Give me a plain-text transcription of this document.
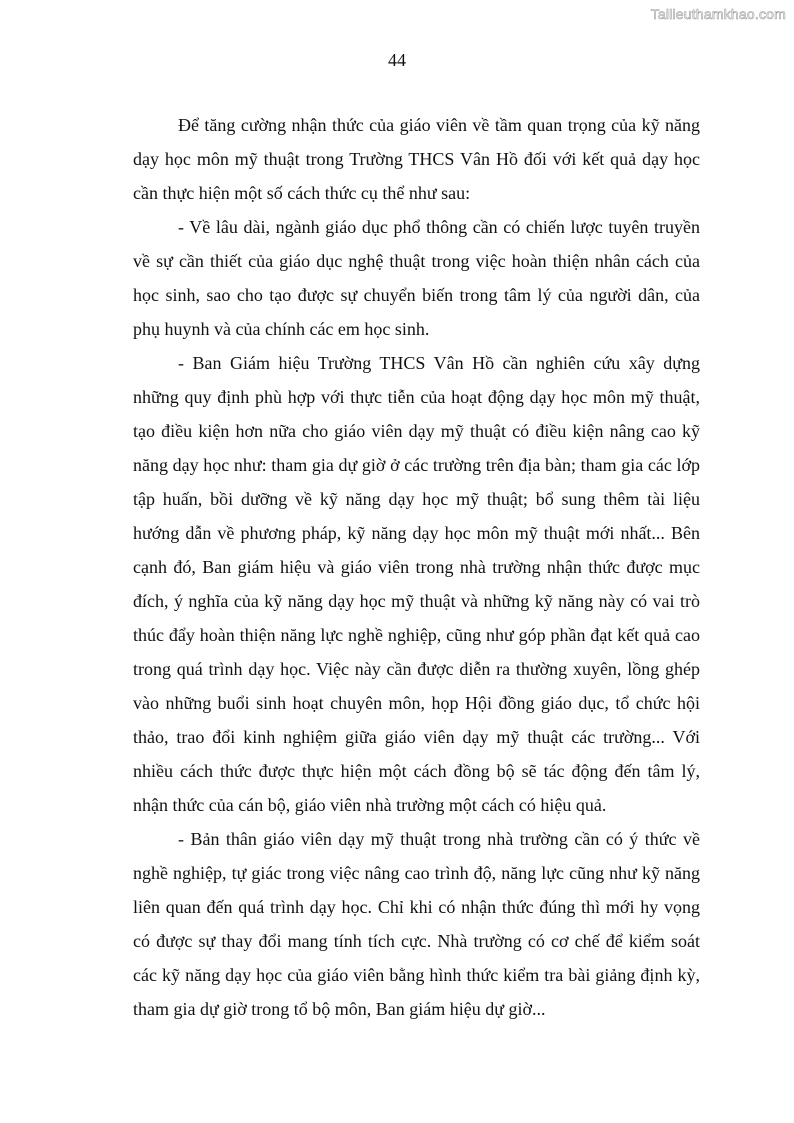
Tailieuthamkhao.com
44

Để tăng cường nhận thức của giáo viên về tầm quan trọng của kỹ năng dạy học môn mỹ thuật trong Trường THCS Vân Hồ đối với kết quả dạy học cần thực hiện một số cách thức cụ thể như sau:

- Về lâu dài, ngành giáo dục phổ thông cần có chiến lược tuyên truyền về sự cần thiết của giáo dục nghệ thuật trong việc hoàn thiện nhân cách của học sinh, sao cho tạo được sự chuyển biến trong tâm lý của người dân, của phụ huynh và của chính các em học sinh.

- Ban Giám hiệu Trường THCS Vân Hồ cần nghiên cứu xây dựng những quy định phù hợp với thực tiễn của hoạt động dạy học môn mỹ thuật, tạo điều kiện hơn nữa cho giáo viên dạy mỹ thuật có điều kiện nâng cao kỹ năng dạy học như: tham gia dự giờ ở các trường trên địa bàn; tham gia các lớp tập huấn, bồi dưỡng về kỹ năng dạy học mỹ thuật; bổ sung thêm tài liệu hướng dẫn về phương pháp, kỹ năng dạy học môn mỹ thuật mới nhất... Bên cạnh đó, Ban giám hiệu và giáo viên trong nhà trường nhận thức được mục đích, ý nghĩa của kỹ năng dạy học mỹ thuật và những kỹ năng này có vai trò thúc đẩy hoàn thiện năng lực nghề nghiệp, cũng như góp phần đạt kết quả cao trong quá trình dạy học. Việc này cần được diễn ra thường xuyên, lồng ghép vào những buổi sinh hoạt chuyên môn, họp Hội đồng giáo dục, tổ chức hội thảo, trao đổi kinh nghiệm giữa giáo viên dạy mỹ thuật các trường... Với nhiều cách thức được thực hiện một cách đồng bộ sẽ tác động đến tâm lý, nhận thức của cán bộ, giáo viên nhà trường một cách có hiệu quả.

- Bản thân giáo viên dạy mỹ thuật trong nhà trường cần có ý thức về nghề nghiệp, tự giác trong việc nâng cao trình độ, năng lực cũng như kỹ năng liên quan đến quá trình dạy học. Chỉ khi có nhận thức đúng thì mới hy vọng có được sự thay đổi mang tính tích cực. Nhà trường có cơ chế để kiểm soát các kỹ năng dạy học của giáo viên bằng hình thức kiểm tra bài giảng định kỳ, tham gia dự giờ trong tổ bộ môn, Ban giám hiệu dự giờ...
